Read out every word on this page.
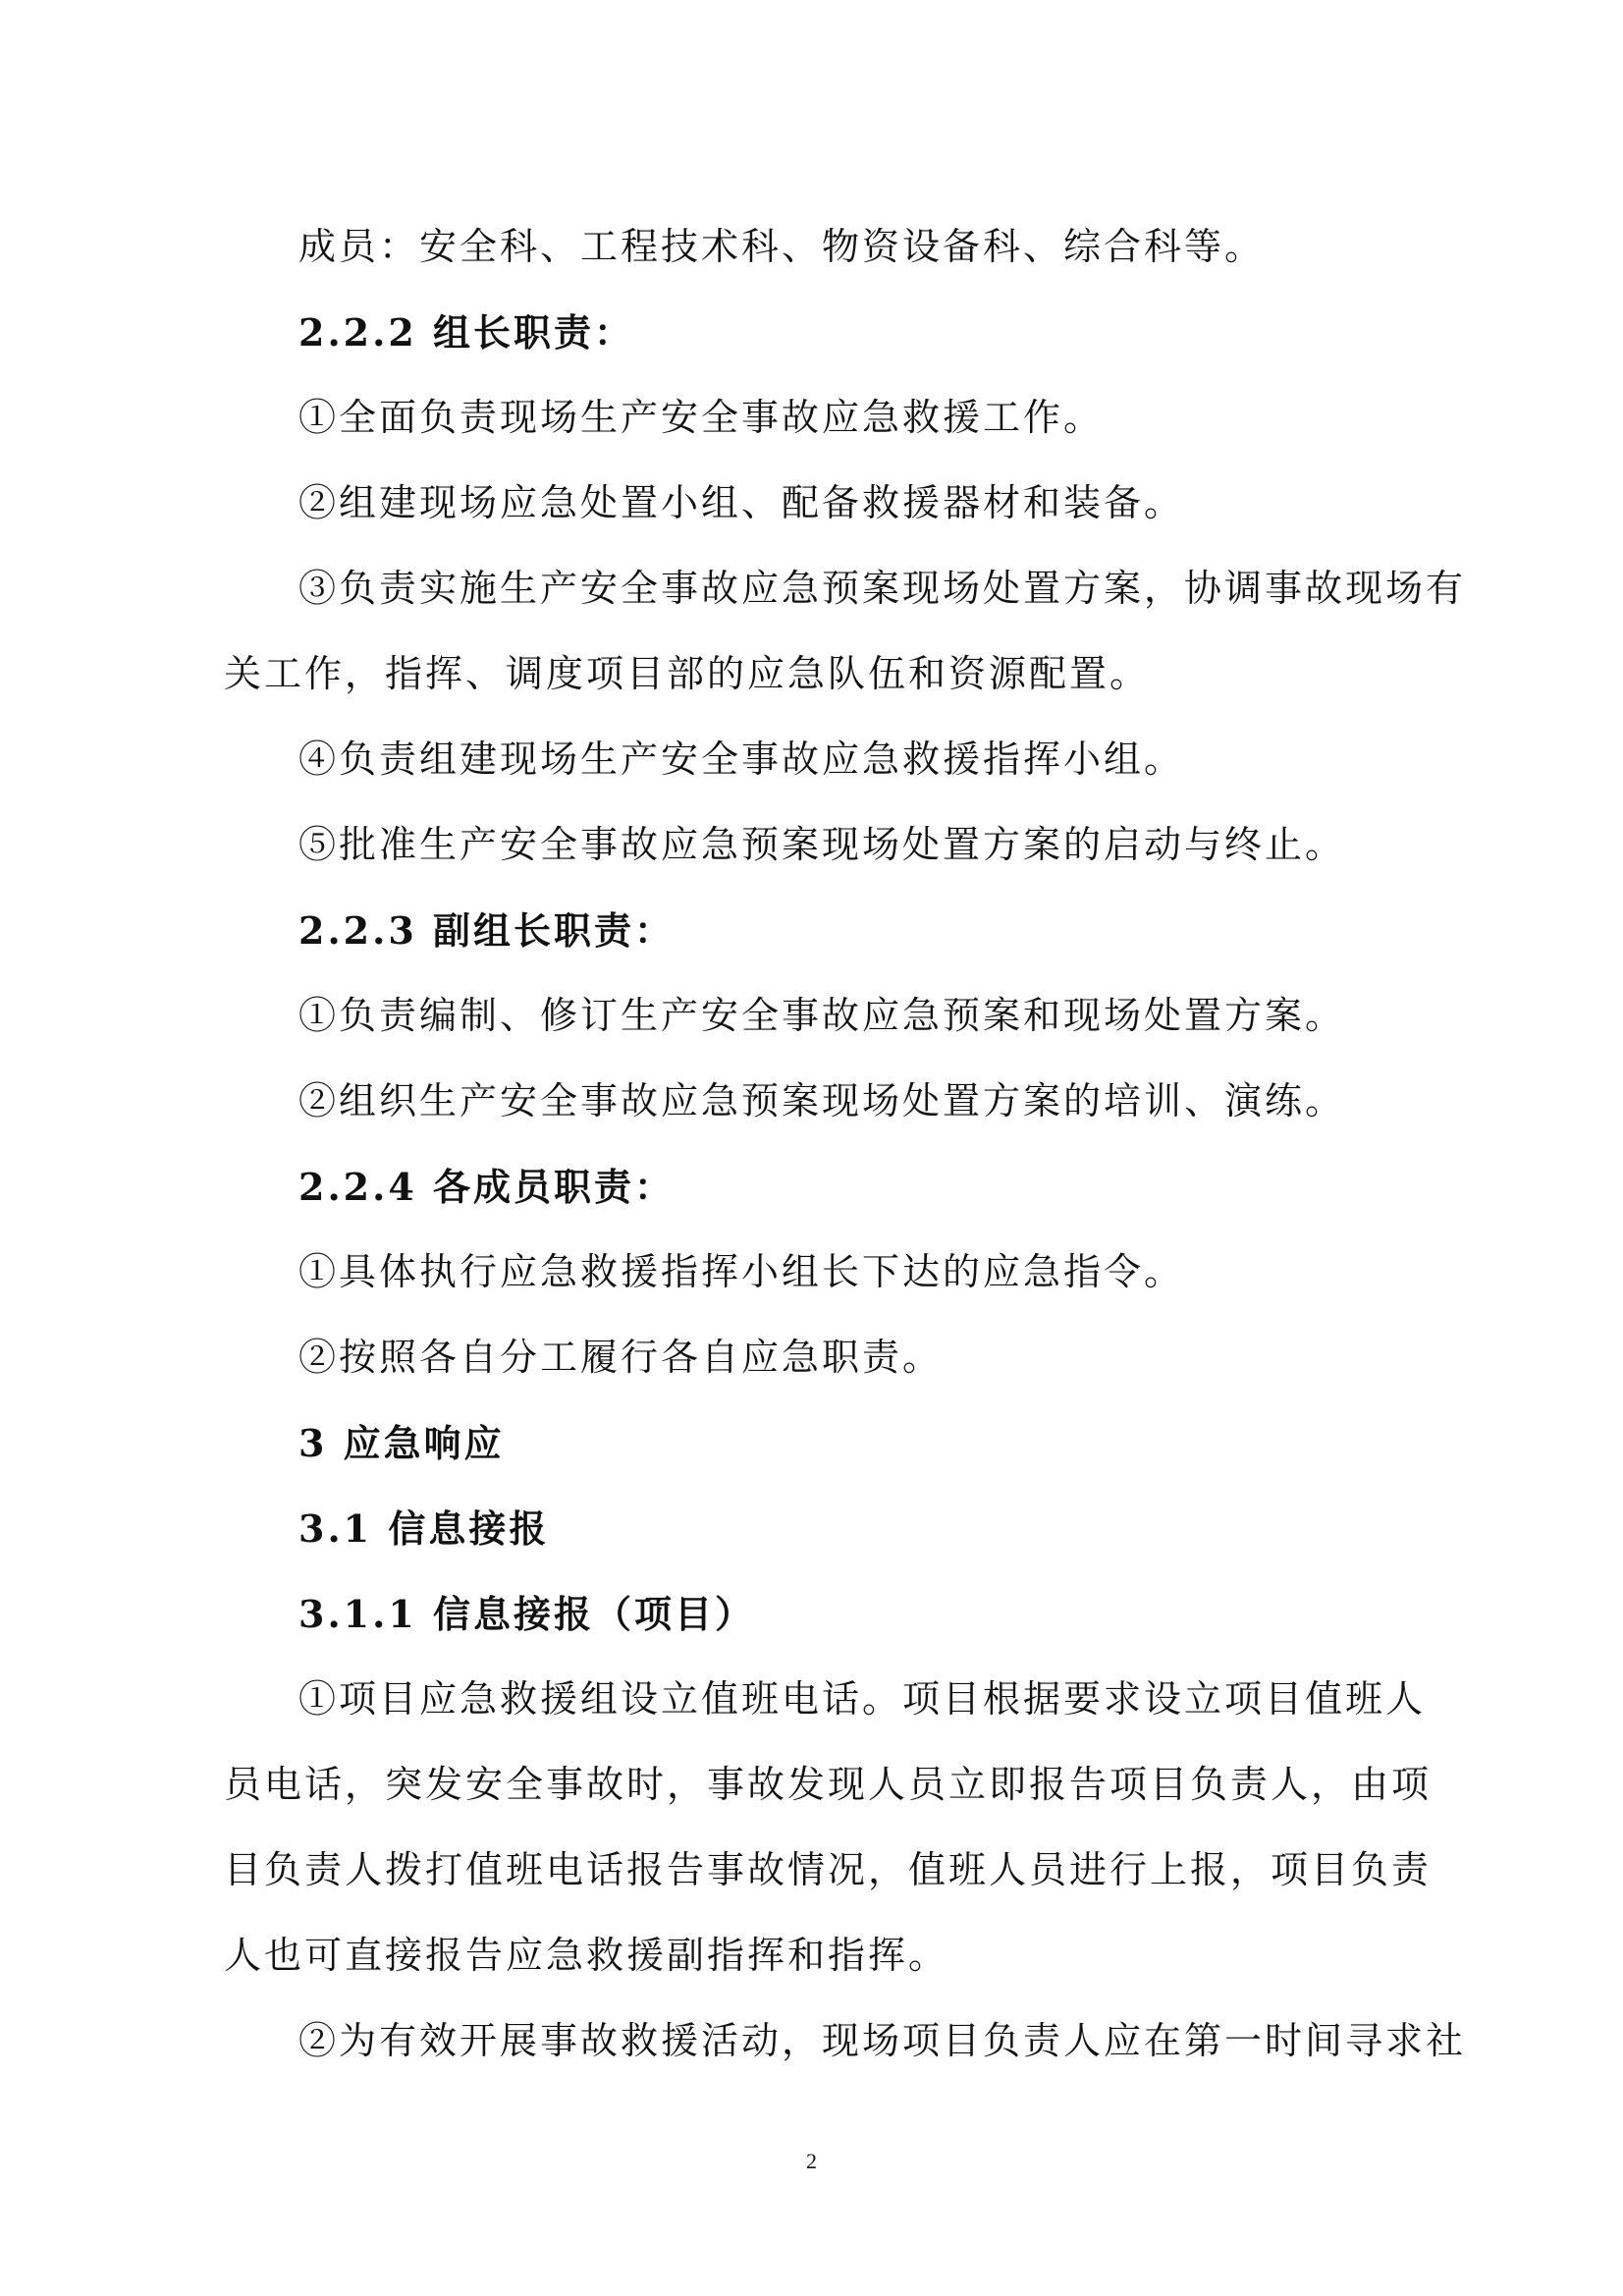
成员：安全科、工程技术科、物资设备科、综合科等。
2.2.2 组长职责：
①全面负责现场生产安全事故应急救援工作。
②组建现场应急处置小组、配备救援器材和装备。
③负责实施生产安全事故应急预案现场处置方案，协调事故现场有
关工作，指挥、调度项目部的应急队伍和资源配置。
④负责组建现场生产安全事故应急救援指挥小组。
⑤批准生产安全事故应急预案现场处置方案的启动与终止。
2.2.3 副组长职责：
①负责编制、修订生产安全事故应急预案和现场处置方案。
②组织生产安全事故应急预案现场处置方案的培训、演练。
2.2.4 各成员职责：
①具体执行应急救援指挥小组长下达的应急指令。
②按照各自分工履行各自应急职责。
3 应急响应
3.1 信息接报
3.1.1 信息接报（项目）
①项目应急救援组设立值班电话。项目根据要求设立项目值班人
员电话，突发安全事故时，事故发现人员立即报告项目负责人，由项
目负责人拨打值班电话报告事故情况，值班人员进行上报，项目负责
人也可直接报告应急救援副指挥和指挥。
②为有效开展事故救援活动，现场项目负责人应在第一时间寻求社
2
